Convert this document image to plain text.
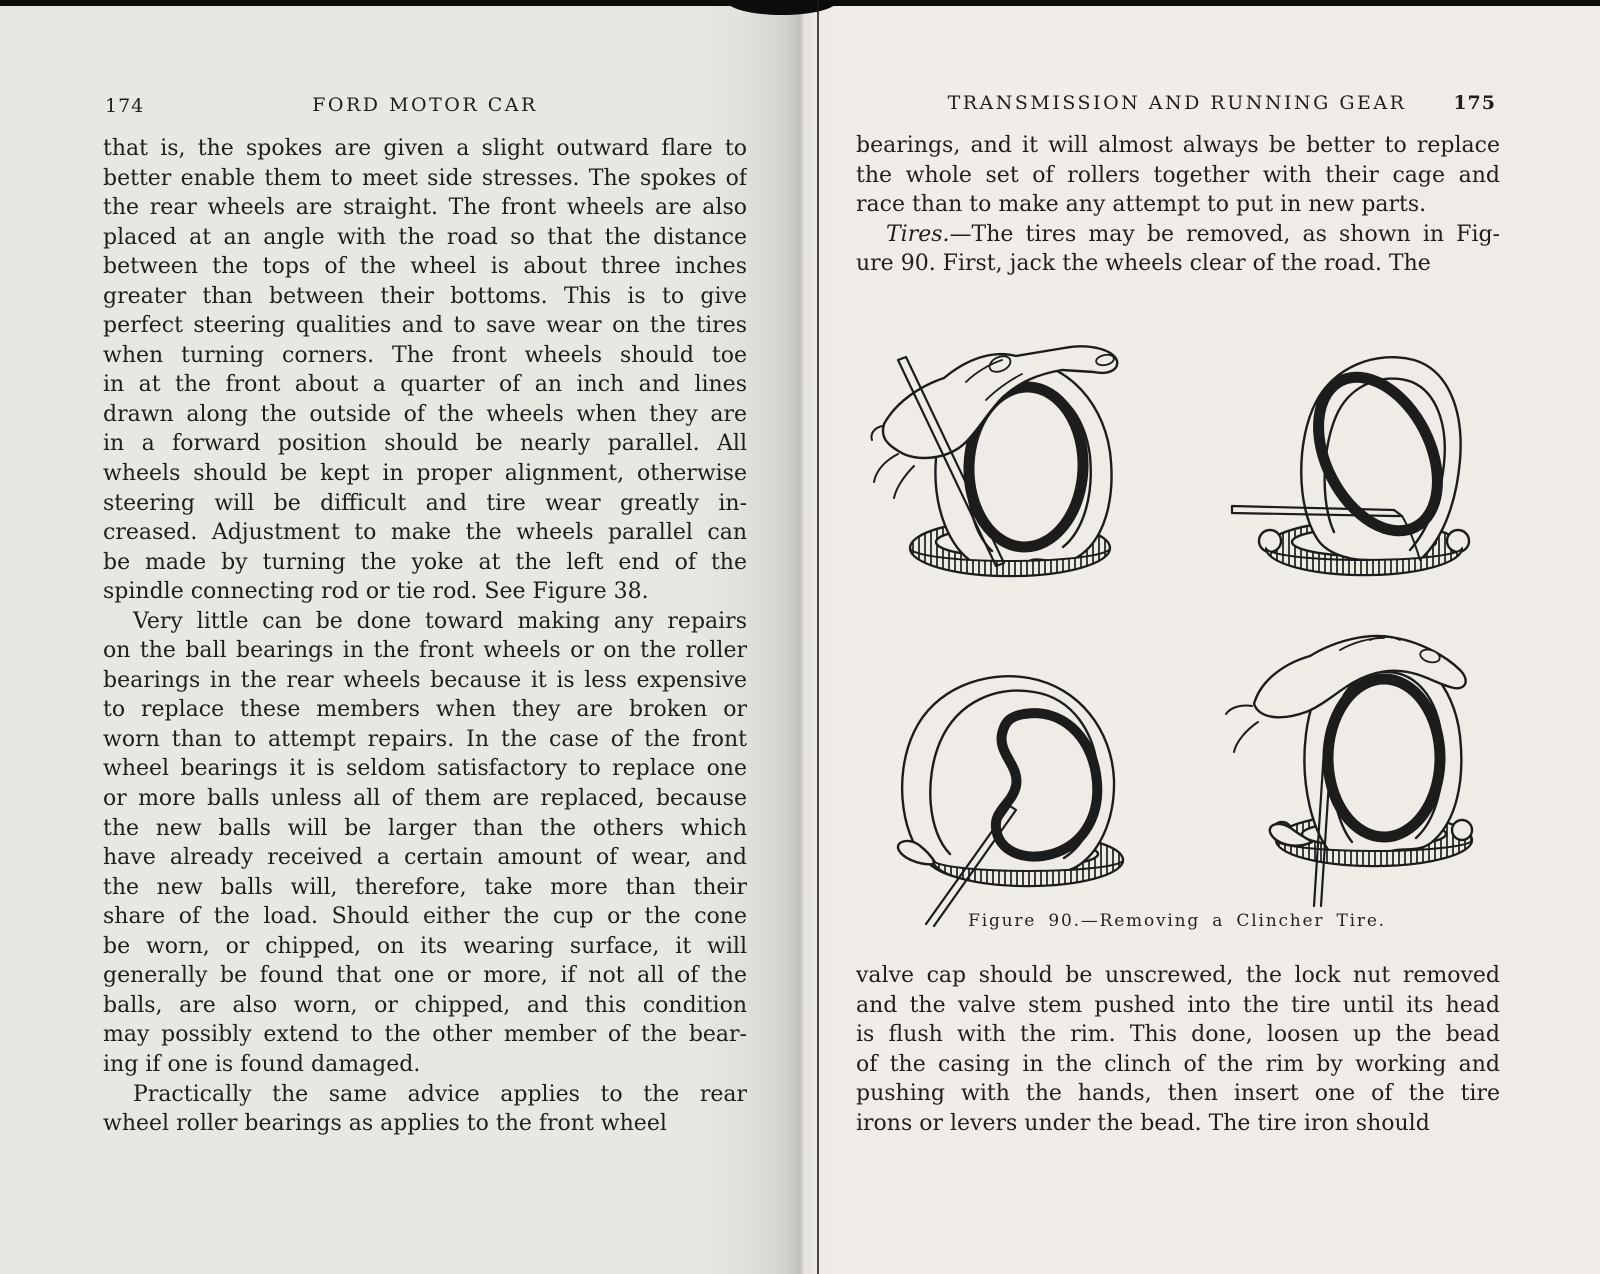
174	FORD MOTOR CAR
that is, the spokes are given a slight outward flare to
better enable them to meet side stresses. The spokes of
the rear wheels are straight. The front wheels are also
placed at an angle with the road so that the distance
between the tops of the wheel is about three inches
greater than between their bottoms. This is to give
perfect steering qualities and to save wear on the tires
when turning corners. The front wheels should toe
in at the front about a quarter of an inch and lines
drawn along the outside of the wheels when they are
in a forward position should be nearly parallel. All
wheels should be kept in proper alignment, otherwise
steering will be difficult and tire wear greatly in-
creased. Adjustment to make the wheels parallel can
be made by turning the yoke at the left end of the
spindle connecting rod or tie rod. See Figure 38.
Very little can be done toward making any repairs
on the ball bearings in the front wheels or on the roller
bearings in the rear wheels because it is less expensive
to replace these members when they are broken or
worn than to attempt repairs. In the case of the front
wheel bearings it is seldom satisfactory to replace one
or more balls unless all of them are replaced, because
the new balls will be larger than the others which
have already received a certain amount of wear, and
the new balls will, therefore, take more than their
share of the load. Should either the cup or the cone
be worn, or chipped, on its wearing surface, it will
generally be found that one or more, if not all of the
balls, are also worn, or chipped, and this condition
may possibly extend to the other member of the bear-
ing if one is found damaged.
Practically the same advice applies to the rear
wheel roller bearings as applies to the front wheel
TRANSMISSION AND RUNNING GEAR	175
bearings, and it will almost always be better to replace
the whole set of rollers together with their cage and
race than to make any attempt to put in new parts.
Tires.—The tires may be removed, as shown in Fig-
ure 90. First, jack the wheels clear of the road. The
Figure 90.—Removing a Clincher Tire.
valve cap should be unscrewed, the lock nut removed
and the valve stem pushed into the tire until its head
is flush with the rim. This done, loosen up the bead
of the casing in the clinch of the rim by working and
pushing with the hands, then insert one of the tire
irons or levers under the bead. The tire iron should
